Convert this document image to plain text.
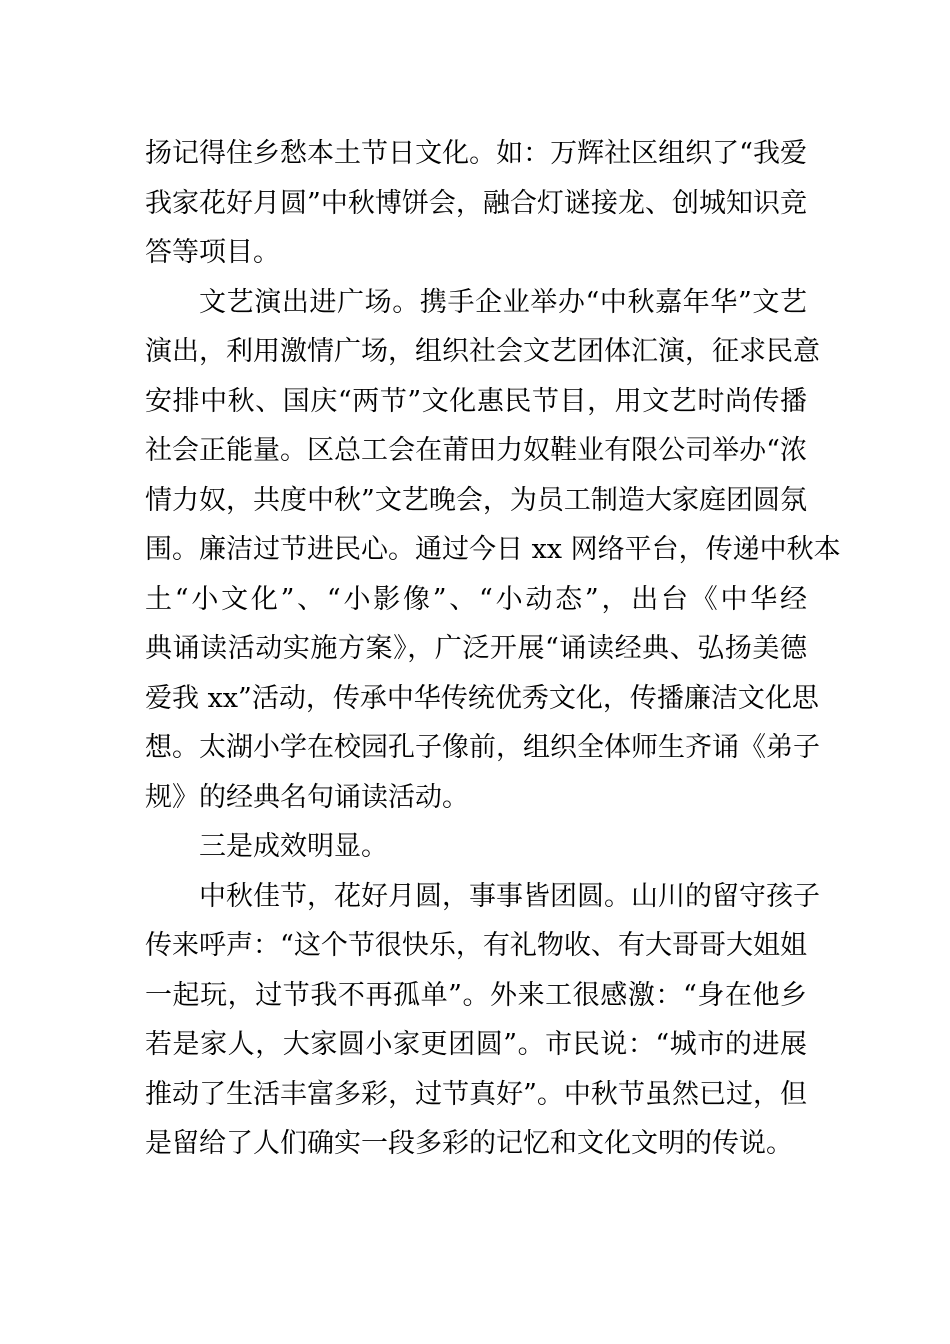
扬记得住乡愁本土节日文化。如：万辉社区组织了“我爱
我家花好月圆”中秋博饼会，融合灯谜接龙、创城知识竞
答等项目。
文艺演出进广场。携手企业举办“中秋嘉年华”文艺
演出，利用激情广场，组织社会文艺团体汇演，征求民意
安排中秋、国庆“两节”文化惠民节目，用文艺时尚传播
社会正能量。区总工会在莆田力奴鞋业有限公司举办“浓
情力奴，共度中秋”文艺晚会，为员工制造大家庭团圆氛
围。廉洁过节进民心。通过今日 xx 网络平台，传递中秋本
土“小文化”、“小影像”、“小动态”，出台《中华经
典诵读活动实施方案》，广泛开展“诵读经典、弘扬美德
爱我 xx”活动，传承中华传统优秀文化，传播廉洁文化思
想。太湖小学在校园孔子像前，组织全体师生齐诵《弟子
规》的经典名句诵读活动。
三是成效明显。
中秋佳节，花好月圆，事事皆团圆。山川的留守孩子
传来呼声：“这个节很快乐，有礼物收、有大哥哥大姐姐
一起玩，过节我不再孤单”。外来工很感激：“身在他乡
若是家人，大家圆小家更团圆”。市民说：“城市的进展
推动了生活丰富多彩，过节真好”。中秋节虽然已过，但
是留给了人们确实一段多彩的记忆和文化文明的传说。
